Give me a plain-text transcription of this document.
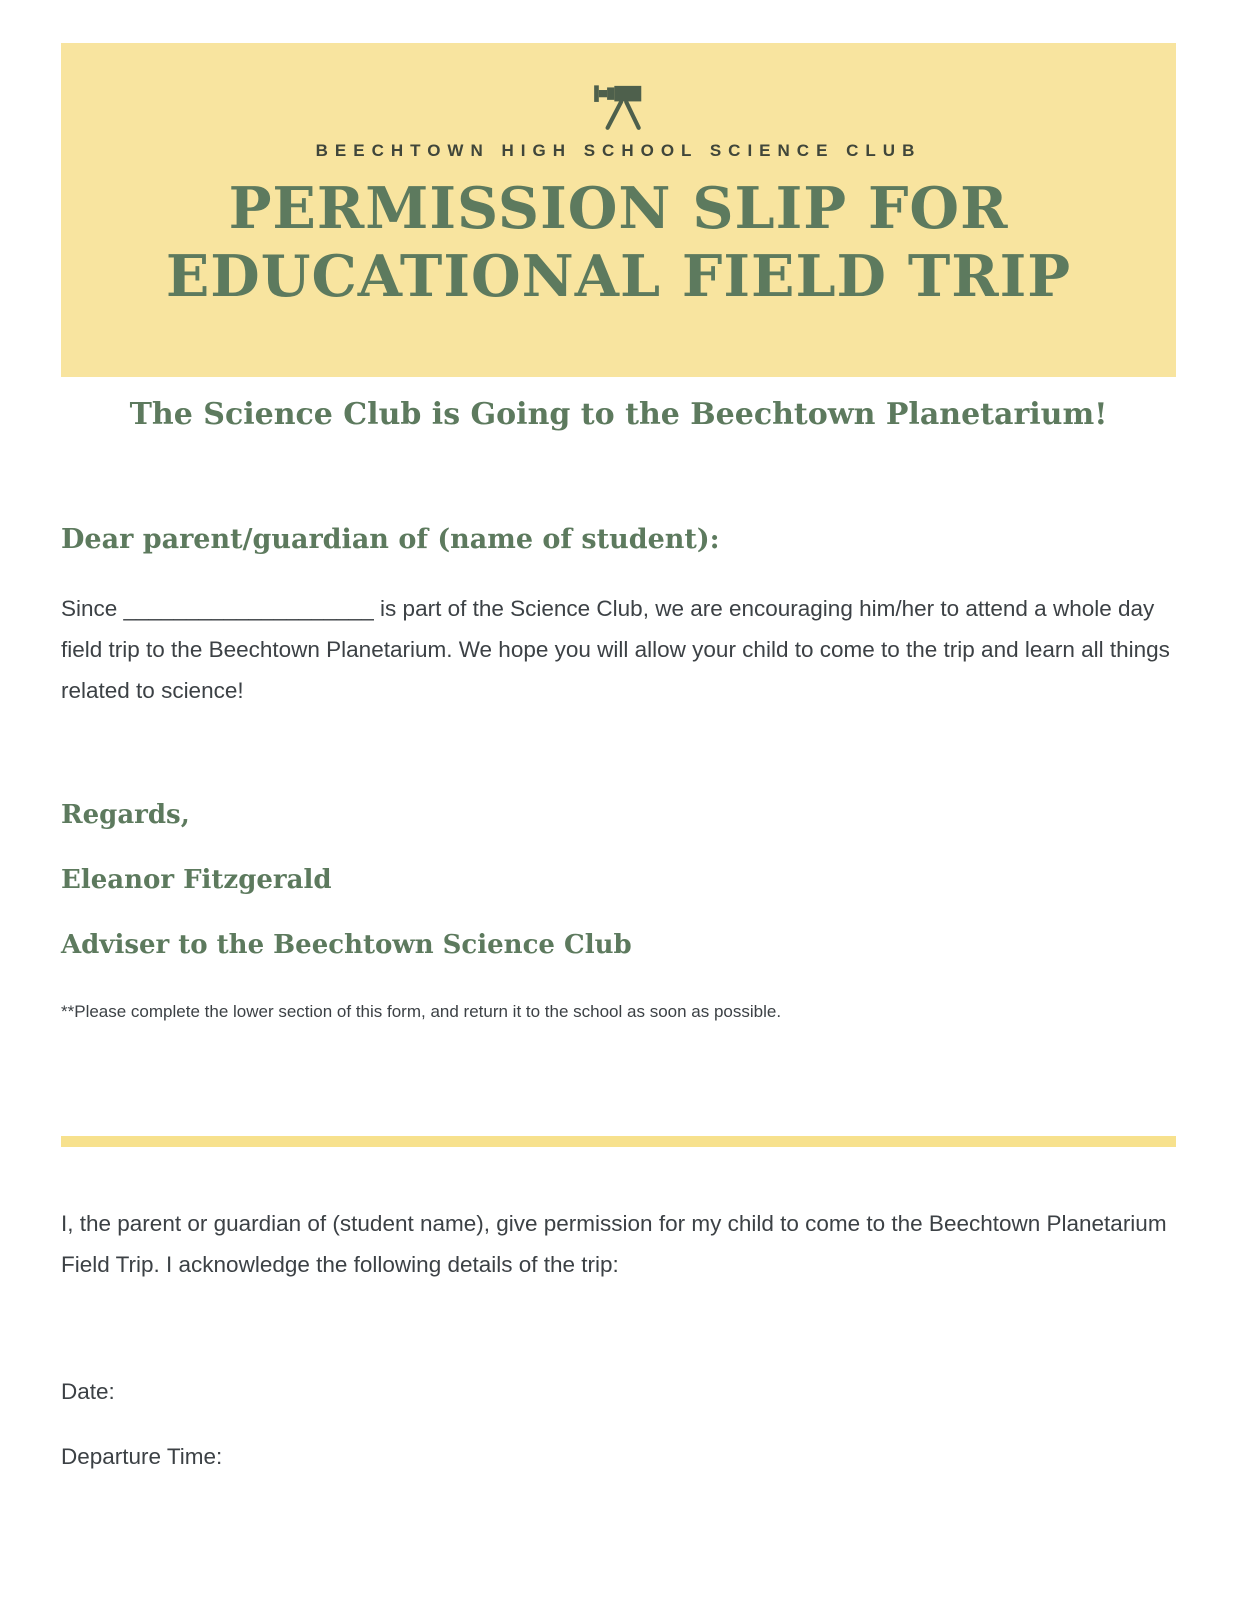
BEECHTOWN HIGH SCHOOL SCIENCE CLUB
PERMISSION SLIP FOR
EDUCATIONAL FIELD TRIP
The Science Club is Going to the Beechtown Planetarium!
Dear parent/guardian of (name of student):
Since ____________________ is part of the Science Club, we are encouraging him/her to attend a whole day field trip to the Beechtown Planetarium. We hope you will allow your child to come to the trip and learn all things related to science!
Regards,
Eleanor Fitzgerald
Adviser to the Beechtown Science Club
**Please complete the lower section of this form, and return it to the school as soon as possible.
I, the parent or guardian of (student name), give permission for my child to come to the Beechtown Planetarium Field Trip. I acknowledge the following details of the trip:
Date:
Departure Time:
